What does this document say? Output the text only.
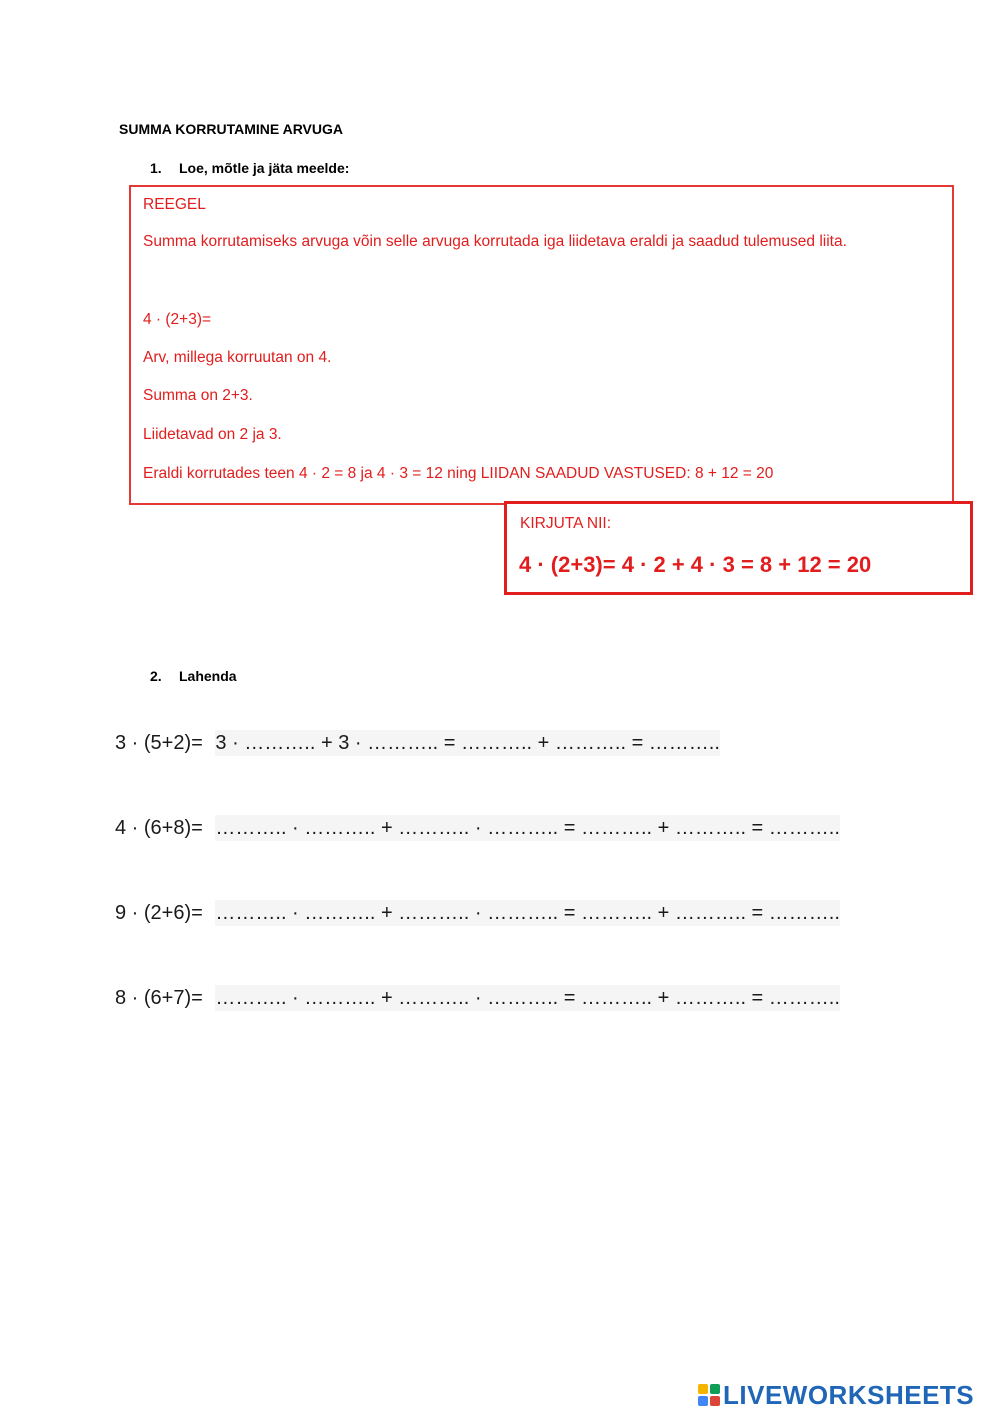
SUMMA KORRUTAMINE ARVUGA
1. Loe, mõtle ja jäta meelde:
REEGEL
Summa korrutamiseks arvuga võin selle arvuga korrutada iga liidetava eraldi ja saadud tulemused liita.
4 · (2+3)=
Arv, millega korruutan on 4.
Summa on 2+3.
Liidetavad on 2 ja 3.
Eraldi korrutades teen 4 · 2 = 8 ja 4 · 3 = 12 ning LIIDAN SAADUD VASTUSED: 8 + 12 = 20
KIRJUTA NII:
4 · (2+3)= 4 · 2 + 4 · 3 = 8 + 12 = 20
2. Lahenda
3 · (5+2)= 3 · ……….. + 3 · ……….. = ……….. + ……….. = ………..
4 · (6+8)= ……….. · ……….. + ……….. · ……….. = ……….. + ……….. = ………..
9 · (2+6)= ……….. · ……….. + ……….. · ……….. = ……….. + ……….. = ………..
8 · (6+7)= ……….. · ……….. + ……….. · ……….. = ……….. + ……….. = ………..
LIVEWORKSHEETS
